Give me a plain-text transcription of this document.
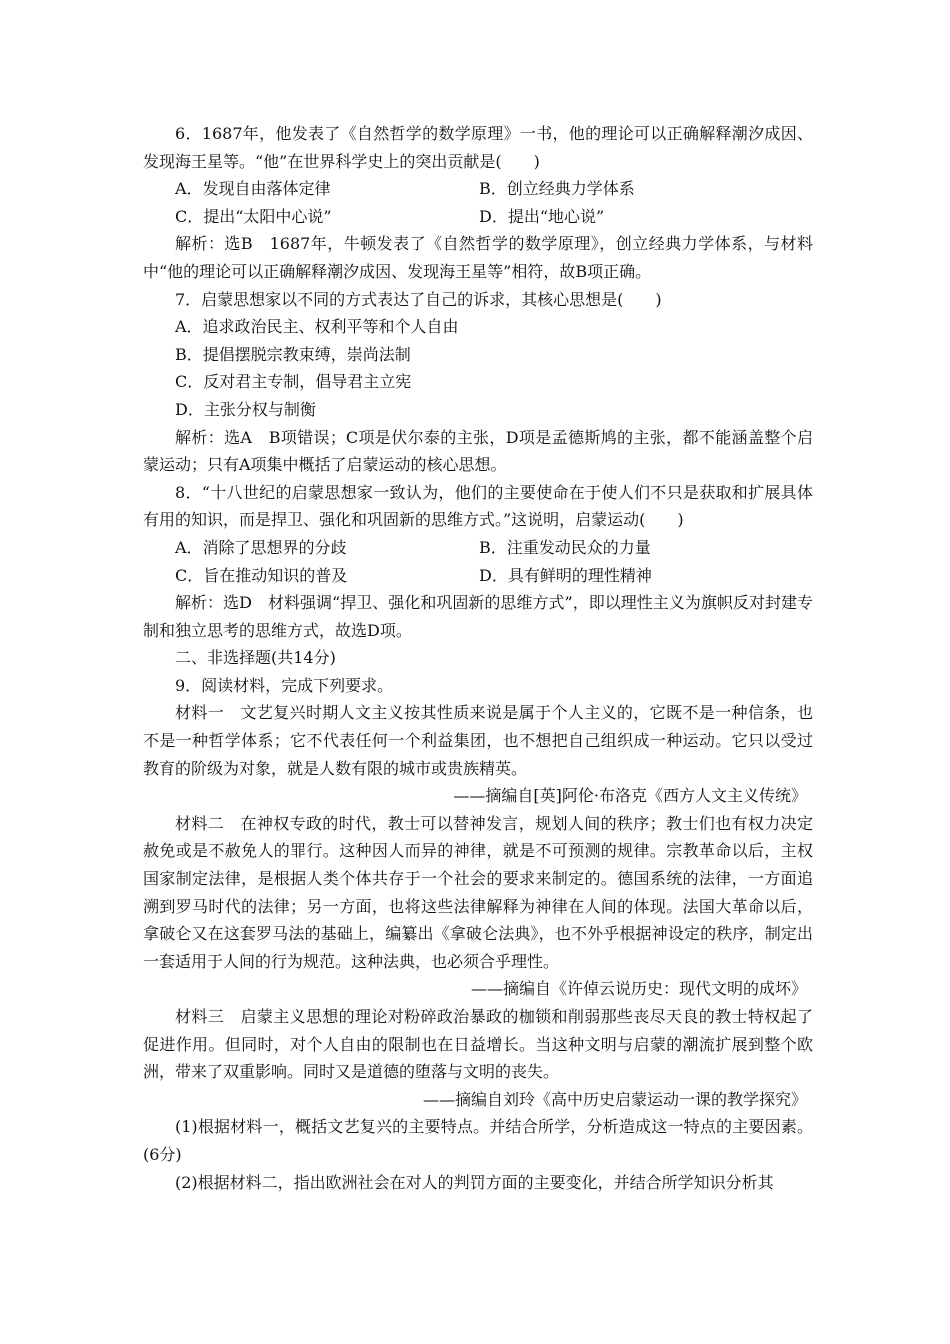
6．1687年，他发表了《自然哲学的数学原理》一书，他的理论可以正确解释潮汐成因、发现海王星等。“他”在世界科学史上的突出贡献是(　　)

A．发现自由落体定律	B．创立经典力学体系
C．提出“太阳中心说”	D．提出“地心说”

解析：选B　1687年，牛顿发表了《自然哲学的数学原理》，创立经典力学体系，与材料中“他的理论可以正确解释潮汐成因、发现海王星等”相符，故B项正确。

7．启蒙思想家以不同的方式表达了自己的诉求，其核心思想是(　　)

A．追求政治民主、权利平等和个人自由
B．提倡摆脱宗教束缚，崇尚法制
C．反对君主专制，倡导君主立宪
D．主张分权与制衡

解析：选A　B项错误；C项是伏尔泰的主张，D项是孟德斯鸠的主张，都不能涵盖整个启蒙运动；只有A项集中概括了启蒙运动的核心思想。

8．“十八世纪的启蒙思想家一致认为，他们的主要使命在于使人们不只是获取和扩展具体有用的知识，而是捍卫、强化和巩固新的思维方式。”这说明，启蒙运动(　　)

A．消除了思想界的分歧	B．注重发动民众的力量
C．旨在推动知识的普及	D．具有鲜明的理性精神

解析：选D　材料强调“捍卫、强化和巩固新的思维方式”，即以理性主义为旗帜反对封建专制和独立思考的思维方式，故选D项。

二、非选择题(共14分)

9．阅读材料，完成下列要求。

材料一　文艺复兴时期人文主义按其性质来说是属于个人主义的，它既不是一种信条，也不是一种哲学体系；它不代表任何一个利益集团，也不想把自己组织成一种运动。它只以受过教育的阶级为对象，就是人数有限的城市或贵族精英。

——摘编自[英]阿伦·布洛克《西方人文主义传统》

材料二　在神权专政的时代，教士可以替神发言，规划人间的秩序；教士们也有权力决定赦免或是不赦免人的罪行。这种因人而异的神律，就是不可预测的规律。宗教革命以后，主权国家制定法律，是根据人类个体共存于一个社会的要求来制定的。德国系统的法律，一方面追溯到罗马时代的法律；另一方面，也将这些法律解释为神律在人间的体现。法国大革命以后，拿破仑又在这套罗马法的基础上，编纂出《拿破仑法典》，也不外乎根据神设定的秩序，制定出一套适用于人间的行为规范。这种法典，也必须合乎理性。

——摘编自《许倬云说历史：现代文明的成坏》

材料三　启蒙主义思想的理论对粉碎政治暴政的枷锁和削弱那些丧尽天良的教士特权起了促进作用。但同时，对个人自由的限制也在日益增长。当这种文明与启蒙的潮流扩展到整个欧洲，带来了双重影响。同时又是道德的堕落与文明的丧失。

——摘编自刘玲《高中历史启蒙运动一课的教学探究》

(1)根据材料一，概括文艺复兴的主要特点。并结合所学，分析造成这一特点的主要因素。(6分)

(2)根据材料二，指出欧洲社会在对人的判罚方面的主要变化，并结合所学知识分析其
